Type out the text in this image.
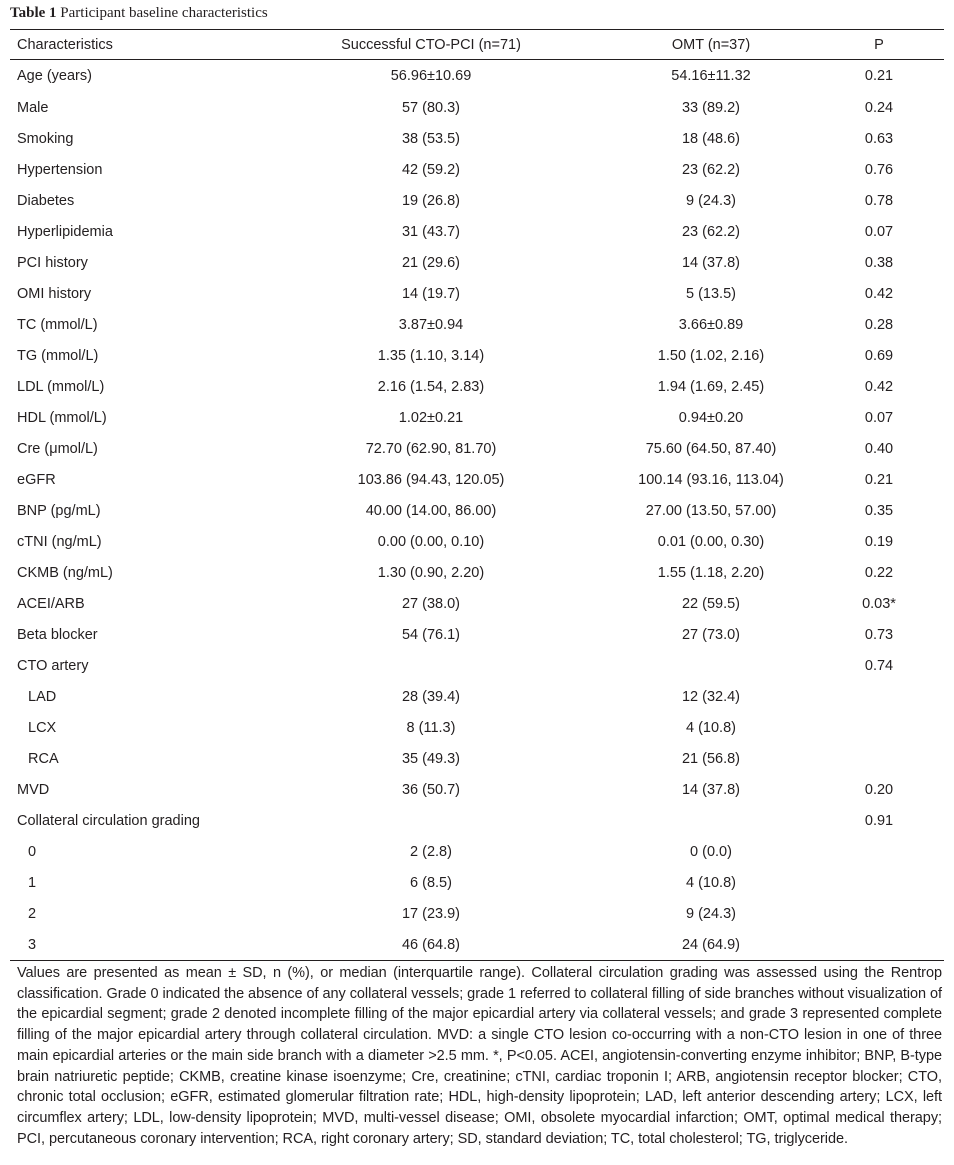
Table 1 Participant baseline characteristics
Characteristics	Successful CTO-PCI (n=71)	OMT (n=37)	P
Age (years)	56.96±10.69	54.16±11.32	0.21
Male	57 (80.3)	33 (89.2)	0.24
Smoking	38 (53.5)	18 (48.6)	0.63
Hypertension	42 (59.2)	23 (62.2)	0.76
Diabetes	19 (26.8)	9 (24.3)	0.78
Hyperlipidemia	31 (43.7)	23 (62.2)	0.07
PCI history	21 (29.6)	14 (37.8)	0.38
OMI history	14 (19.7)	5 (13.5)	0.42
TC (mmol/L)	3.87±0.94	3.66±0.89	0.28
TG (mmol/L)	1.35 (1.10, 3.14)	1.50 (1.02, 2.16)	0.69
LDL (mmol/L)	2.16 (1.54, 2.83)	1.94 (1.69, 2.45)	0.42
HDL (mmol/L)	1.02±0.21	0.94±0.20	0.07
Cre (μmol/L)	72.70 (62.90, 81.70)	75.60 (64.50, 87.40)	0.40
eGFR	103.86 (94.43, 120.05)	100.14 (93.16, 113.04)	0.21
BNP (pg/mL)	40.00 (14.00, 86.00)	27.00 (13.50, 57.00)	0.35
cTNI (ng/mL)	0.00 (0.00, 0.10)	0.01 (0.00, 0.30)	0.19
CKMB (ng/mL)	1.30 (0.90, 2.20)	1.55 (1.18, 2.20)	0.22
ACEI/ARB	27 (38.0)	22 (59.5)	0.03*
Beta blocker	54 (76.1)	27 (73.0)	0.73
CTO artery			0.74
LAD	28 (39.4)	12 (32.4)	
LCX	8 (11.3)	4 (10.8)	
RCA	35 (49.3)	21 (56.8)	
MVD	36 (50.7)	14 (37.8)	0.20
Collateral circulation grading			0.91
0	2 (2.8)	0 (0.0)	
1	6 (8.5)	4 (10.8)	
2	17 (23.9)	9 (24.3)	
3	46 (64.8)	24 (64.9)	
Values are presented as mean ± SD, n (%), or median (interquartile range). Collateral circulation grading was assessed using the Rentrop classification. Grade 0 indicated the absence of any collateral vessels; grade 1 referred to collateral filling of side branches without visualization of the epicardial segment; grade 2 denoted incomplete filling of the major epicardial artery via collateral vessels; and grade 3 represented complete filling of the major epicardial artery through collateral circulation. MVD: a single CTO lesion co-occurring with a non-CTO lesion in one of three main epicardial arteries or the main side branch with a diameter >2.5 mm. *, P<0.05. ACEI, angiotensin-converting enzyme inhibitor; BNP, B-type brain natriuretic peptide; CKMB, creatine kinase isoenzyme; Cre, creatinine; cTNI, cardiac troponin I; ARB, angiotensin receptor blocker; CTO, chronic total occlusion; eGFR, estimated glomerular filtration rate; HDL, high-density lipoprotein; LAD, left anterior descending artery; LCX, left circumflex artery; LDL, low-density lipoprotein; MVD, multi-vessel disease; OMI, obsolete myocardial infarction; OMT, optimal medical therapy; PCI, percutaneous coronary intervention; RCA, right coronary artery; SD, standard deviation; TC, total cholesterol; TG, triglyceride.
